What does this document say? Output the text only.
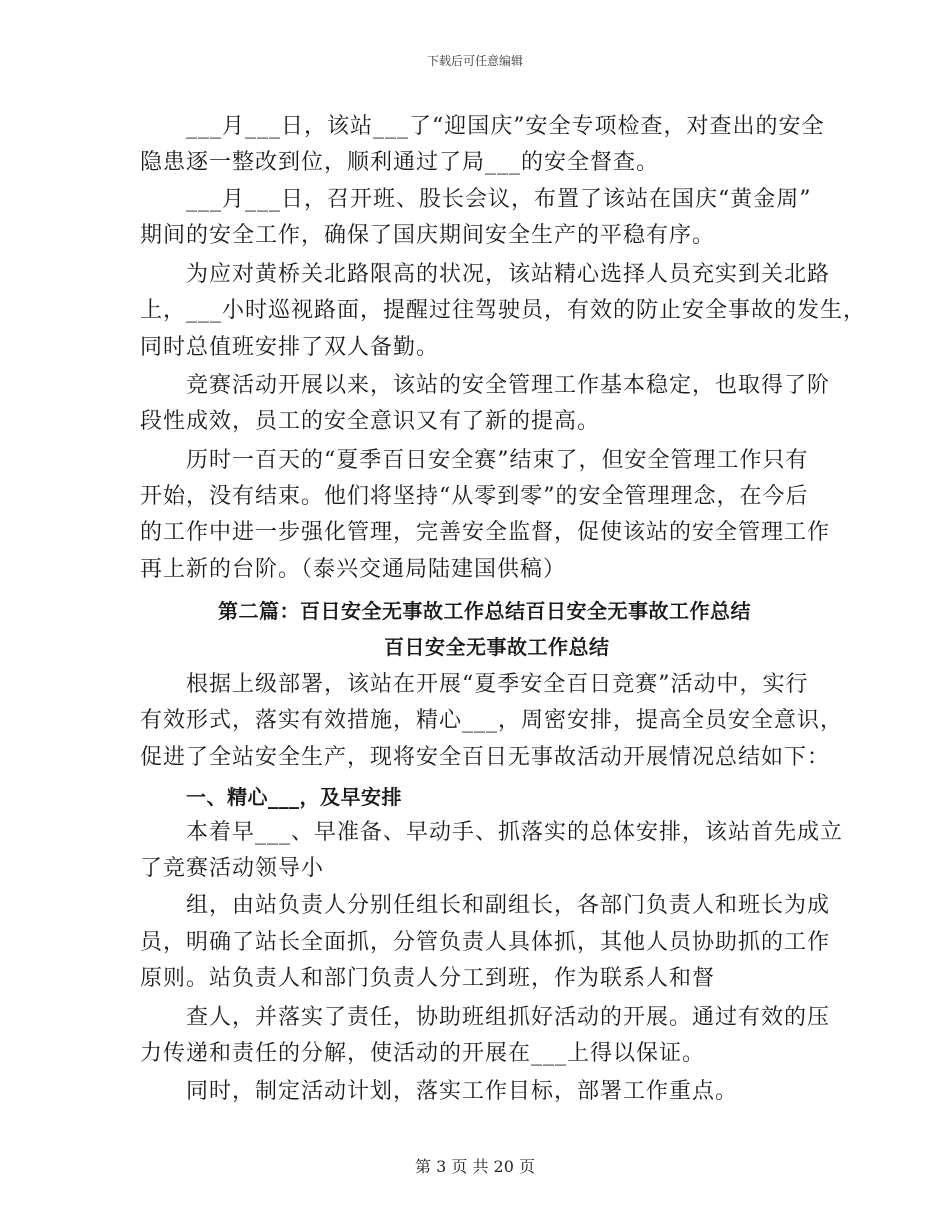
下载后可任意编辑
___月___日，该站___了“迎国庆”安全专项检查，对查出的安全
隐患逐一整改到位，顺利通过了局___的安全督查。
___月___日，召开班、股长会议，布置了该站在国庆“黄金周”
期间的安全工作，确保了国庆期间安全生产的平稳有序。
为应对黄桥关北路限高的状况，该站精心选择人员充实到关北路
上，___小时巡视路面，提醒过往驾驶员，有效的防止安全事故的发生，
同时总值班安排了双人备勤。
竞赛活动开展以来，该站的安全管理工作基本稳定，也取得了阶
段性成效，员工的安全意识又有了新的提高。
历时一百天的“夏季百日安全赛”结束了，但安全管理工作只有
开始，没有结束。他们将坚持“从零到零”的安全管理理念，在今后
的工作中进一步强化管理，完善安全监督，促使该站的安全管理工作
再上新的台阶。（泰兴交通局陆建国供稿）
第二篇：百日安全无事故工作总结百日安全无事故工作总结
百日安全无事故工作总结
根据上级部署，该站在开展“夏季安全百日竞赛”活动中，实行
有效形式，落实有效措施，精心___，周密安排，提高全员安全意识，
促进了全站安全生产，现将安全百日无事故活动开展情况总结如下：
一、精心___，及早安排
本着早___、早准备、早动手、抓落实的总体安排，该站首先成立
了竞赛活动领导小
组，由站负责人分别任组长和副组长，各部门负责人和班长为成
员，明确了站长全面抓，分管负责人具体抓，其他人员协助抓的工作
原则。站负责人和部门负责人分工到班，作为联系人和督
查人，并落实了责任，协助班组抓好活动的开展。通过有效的压
力传递和责任的分解，使活动的开展在___上得以保证。
同时，制定活动计划，落实工作目标，部署工作重点。
第 3 页 共 20 页
